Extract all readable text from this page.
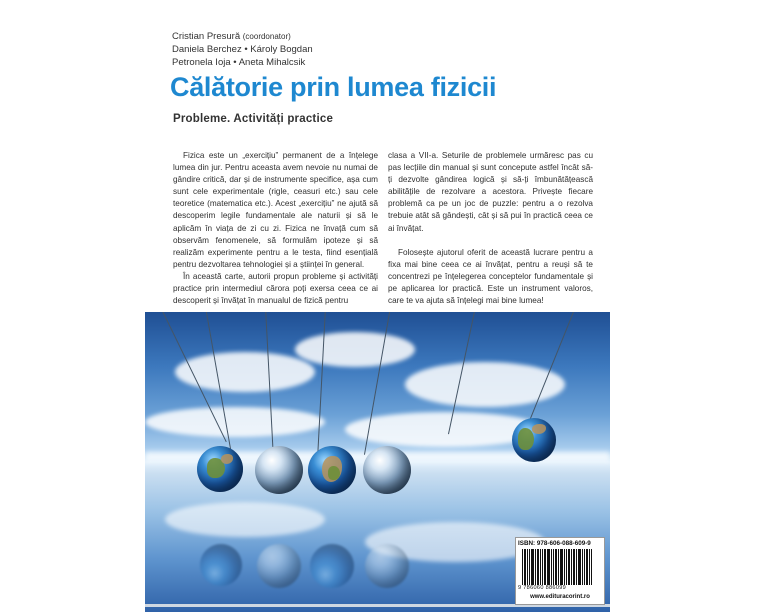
Cristian Presură (coordonator)
Daniela Berchez • Károly Bogdan
Petronela Ioja • Aneta Mihalcsik
Călătorie prin lumea fizicii
Probleme. Activități practice

Fizica este un „exercițiu” permanent de a înțelege lumea din jur. Pentru aceasta avem nevoie nu numai de gândire critică, dar și de instrumente specifice, așa cum sunt cele experimentale (rigle, ceasuri etc.) sau cele teoretice (matematica etc.). Acest „exercițiu” ne ajută să descoperim legile fundamentale ale naturii și să le aplicăm în viața de zi cu zi. Fizica ne învață cum să observăm fenomenele, să formulăm ipoteze și să realizăm experimente pentru a le testa, fiind esențială pentru dezvoltarea tehnologiei și a științei în general.

În această carte, autorii propun probleme și activități practice prin intermediul cărora poți exersa ceea ce ai descoperit și învățat în manualul de fizică pentru

clasa a VII-a. Seturile de problemele urmăresc pas cu pas lecțiile din manual și sunt concepute astfel încât să-ți dezvolte gândirea logică și să-ți îmbunătățească abilitățile de rezolvare a acestora. Privește fiecare problemă ca pe un joc de puzzle: pentru a o rezolva trebuie atât să gândești, cât și să pui în practică ceea ce ai învățat.

Folosește ajutorul oferit de această lucrare pentru a fixa mai bine ceea ce ai învățat, pentru a reuși să te concentrezi pe înțelegerea conceptelor fundamentale și pe aplicarea lor practică. Este un instrument valoros, care te va ajuta să înțelegi mai bine lumea!

ISBN: 978-606-088-609-9
9 786060 886099
www.edituracorint.ro
